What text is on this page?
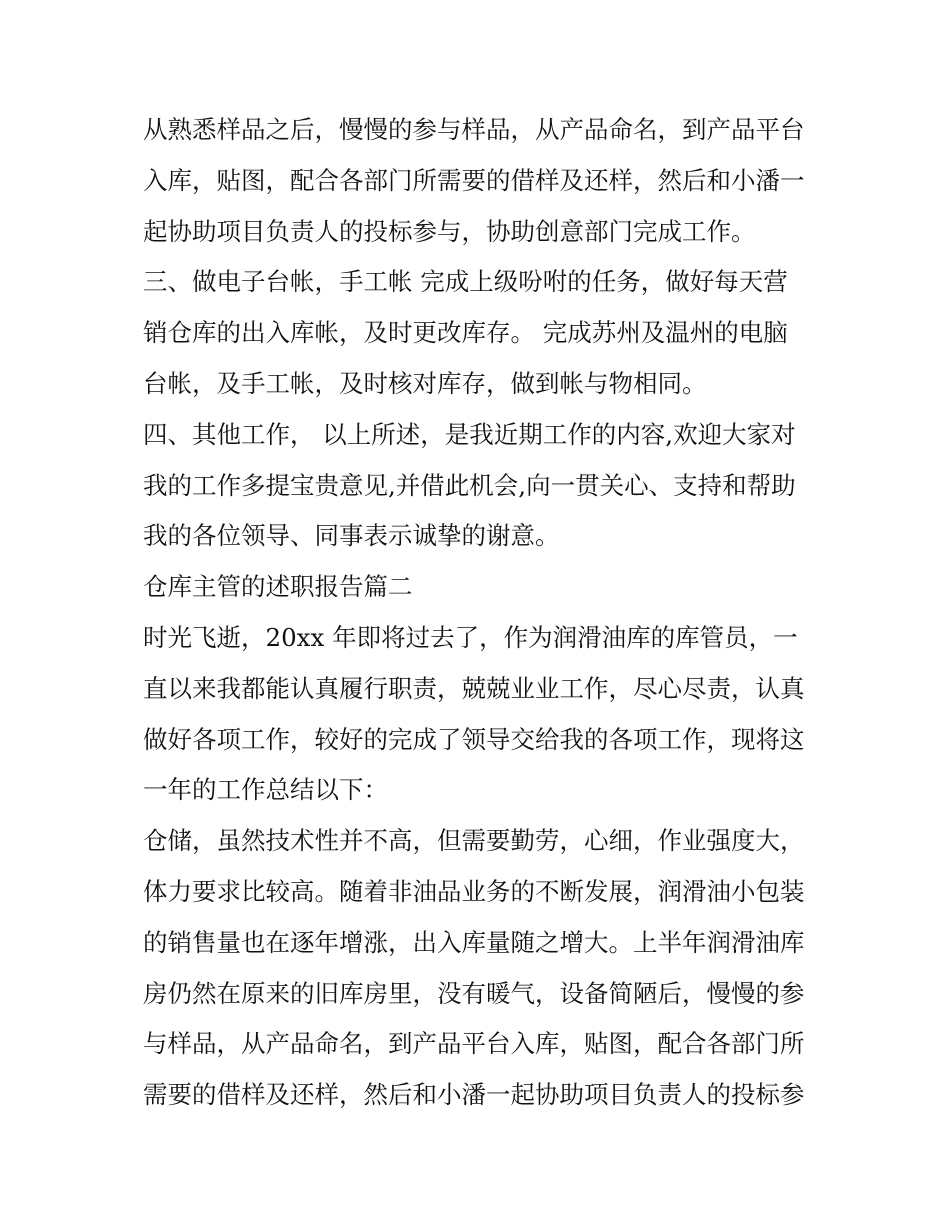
从熟悉样品之后，慢慢的参与样品，从产品命名，到产品平台
入库，贴图，配合各部门所需要的借样及还样，然后和小潘一
起协助项目负责人的投标参与，协助创意部门完成工作。
三、做电子台帐，手工帐 完成上级吩咐的任务，做好每天营
销仓库的出入库帐，及时更改库存。 完成苏州及温州的电脑
台帐，及手工帐，及时核对库存，做到帐与物相同。
四、其他工作， 以上所述，是我近期工作的内容,欢迎大家对
我的工作多提宝贵意见,并借此机会,向一贯关心、支持和帮助
我的各位领导、同事表示诚挚的谢意。
仓库主管的述职报告篇二
时光飞逝，20xx 年即将过去了，作为润滑油库的库管员，一
直以来我都能认真履行职责，兢兢业业工作，尽心尽责，认真
做好各项工作，较好的完成了领导交给我的各项工作，现将这
一年的工作总结以下：
仓储，虽然技术性并不高，但需要勤劳，心细，作业强度大，
体力要求比较高。随着非油品业务的不断发展，润滑油小包装
的销售量也在逐年增涨，出入库量随之增大。上半年润滑油库
房仍然在原来的旧库房里，没有暖气，设备简陋后，慢慢的参
与样品，从产品命名，到产品平台入库，贴图，配合各部门所
需要的借样及还样，然后和小潘一起协助项目负责人的投标参
